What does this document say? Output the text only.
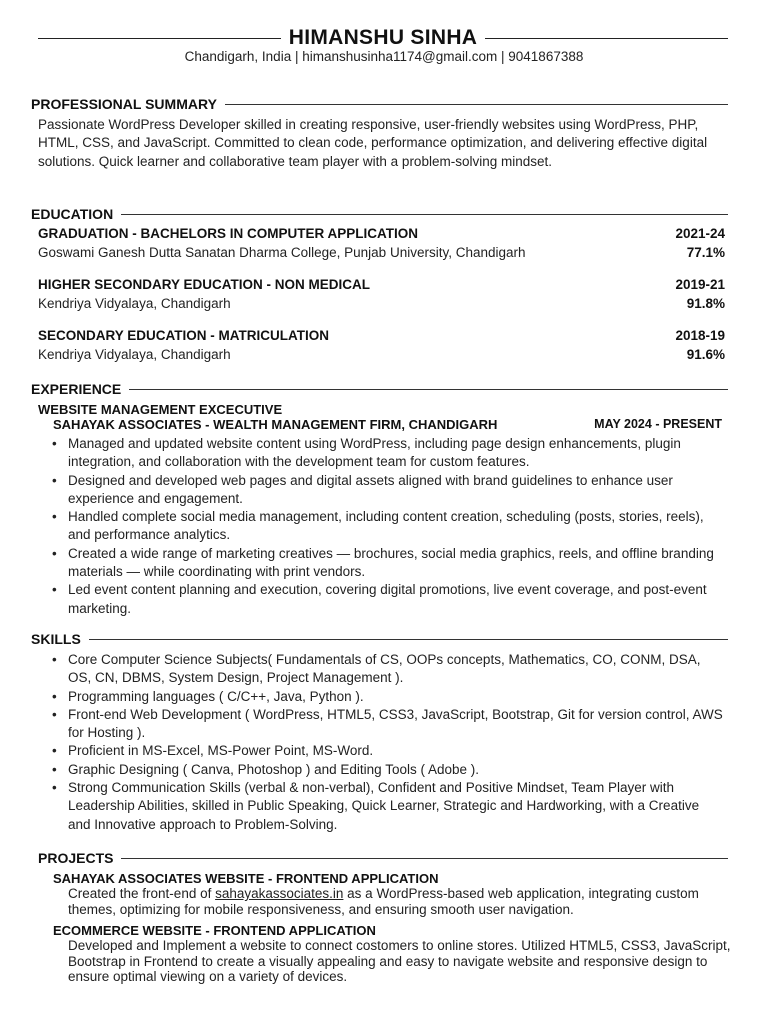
HIMANSHU SINHA
Chandigarh, India | himanshusinha1174@gmail.com | 9041867388
PROFESSIONAL SUMMARY
Passionate WordPress Developer skilled in creating responsive, user-friendly websites using WordPress, PHP, HTML, CSS, and JavaScript. Committed to clean code, performance optimization, and delivering effective digital solutions. Quick learner and collaborative team player with a problem-solving mindset.
EDUCATION
GRADUATION - BACHELORS IN COMPUTER APPLICATION	2021-24
Goswami Ganesh Dutta Sanatan Dharma College, Punjab University, Chandigarh	77.1%
HIGHER SECONDARY EDUCATION - NON MEDICAL	2019-21
Kendriya Vidyalaya, Chandigarh	91.8%
SECONDARY EDUCATION - MATRICULATION	2018-19
Kendriya Vidyalaya, Chandigarh	91.6%
EXPERIENCE
WEBSITE MANAGEMENT EXCECUTIVE
SAHAYAK ASSOCIATES - WEALTH MANAGEMENT FIRM, CHANDIGARH	MAY 2024 - PRESENT
• Managed and updated website content using WordPress, including page design enhancements, plugin integration, and collaboration with the development team for custom features.
• Designed and developed web pages and digital assets aligned with brand guidelines to enhance user experience and engagement.
• Handled complete social media management, including content creation, scheduling (posts, stories, reels), and performance analytics.
• Created a wide range of marketing creatives — brochures, social media graphics, reels, and offline branding materials — while coordinating with print vendors.
• Led event content planning and execution, covering digital promotions, live event coverage, and post-event marketing.
SKILLS
• Core Computer Science Subjects( Fundamentals of CS, OOPs concepts, Mathematics, CO, CONM, DSA, OS, CN, DBMS, System Design, Project Management ).
• Programming languages ( C/C++, Java, Python ).
• Front-end Web Development ( WordPress, HTML5, CSS3, JavaScript, Bootstrap, Git for version control, AWS for Hosting ).
• Proficient in MS-Excel, MS-Power Point, MS-Word.
• Graphic Designing ( Canva, Photoshop ) and Editing Tools ( Adobe ).
• Strong Communication Skills (verbal & non-verbal), Confident and Positive Mindset, Team Player with Leadership Abilities, skilled in Public Speaking, Quick Learner, Strategic and Hardworking, with a Creative and Innovative approach to Problem-Solving.
PROJECTS
SAHAYAK ASSOCIATES WEBSITE - FRONTEND APPLICATION
Created the front-end of sahayakassociates.in as a WordPress-based web application, integrating custom themes, optimizing for mobile responsiveness, and ensuring smooth user navigation.
ECOMMERCE WEBSITE - FRONTEND APPLICATION
Developed and Implement a website to connect costomers to online stores. Utilized HTML5, CSS3, JavaScript, Bootstrap in Frontend to create a visually appealing and easy to navigate website and responsive design to ensure optimal viewing on a variety of devices.
